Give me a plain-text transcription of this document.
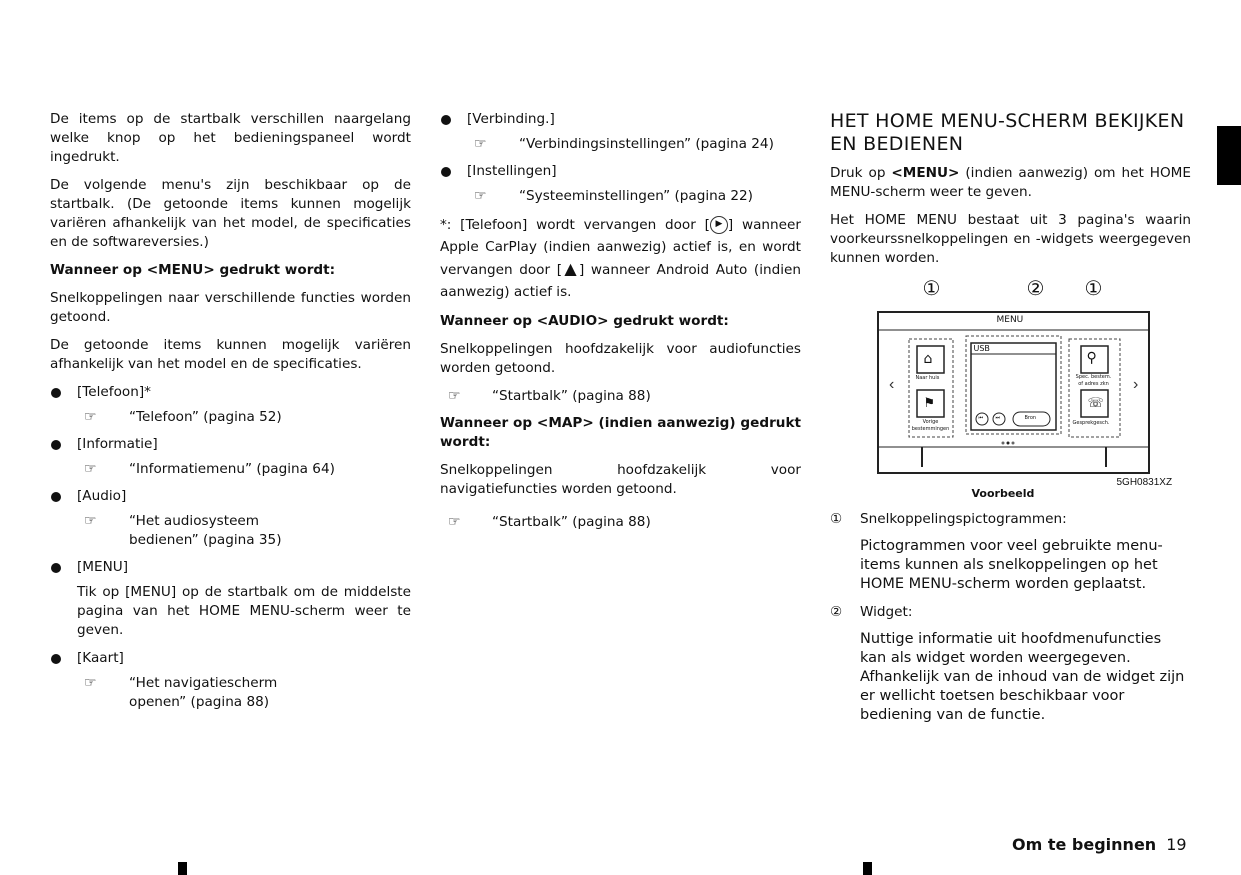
De items op de startbalk verschillen naargelang welke knop op het bedieningspaneel wordt ingedrukt.

De volgende menu's zijn beschikbaar op de startbalk. (De getoonde items kunnen mogelijk variëren afhankelijk van het model, de specificaties en de softwareversies.)

Wanneer op <MENU> gedrukt wordt:

Snelkoppelingen naar verschillende functies worden getoond.

De getoonde items kunnen mogelijk variëren afhankelijk van het model en de specificaties.

[Telefoon]*
☞ “Telefoon” (pagina 52)
[Informatie]
☞ “Informatiemenu” (pagina 64)
[Audio]
☞ “Het audiosysteem bedienen” (pagina 35)
[MENU]

Tik op [MENU] op de startbalk om de middelste pagina van het HOME MENU-scherm weer te geven.

[Kaart]
☞ “Het navigatiescherm openen” (pagina 88)
[Verbinding.]
☞ “Verbindingsinstellingen” (pagina 24)
[Instellingen]
☞ “Systeeminstellingen” (pagina 22)

*: [Telefoon] wordt vervangen door [ ▶ ] wanneer Apple CarPlay (indien aanwezig) actief is, en wordt vervangen door [▲] wanneer Android Auto (indien aanwezig) actief is.

Wanneer op <AUDIO> gedrukt wordt:

Snelkoppelingen hoofdzakelijk voor audiofuncties worden getoond.

☞ “Startbalk” (pagina 88)

Wanneer op <MAP> (indien aanwezig) gedrukt wordt:

Snelkoppelingen hoofdzakelijk voor navigatiefuncties worden getoond.

☞ “Startbalk” (pagina 88)
HET HOME MENU-SCHERM BEKIJKEN EN BEDIENEN

Druk op <MENU> (indien aanwezig) om het HOME MENU-scherm weer te geven.

Het HOME MENU bestaat uit 3 pagina's waarin voorkeurssnelkoppelingen en -widgets weergegeven kunnen worden.

‹	›
①	② ①
MENU
USB
Bron
⌂
⚑
⚲
☏
⏮ ⏭
Naar huis
Vorige bestemmingen
Spec. bestem. of adres zkn
Gesprekgesch.
5GH0831XZ
Voorbeeld
① Snelkoppelingspictogrammen:

Pictogrammen voor veel gebruikte menu-items kunnen als snelkoppelingen op het HOME MENU-scherm worden geplaatst.

② Widget:

Nuttige informatie uit hoofdmenufuncties kan als widget worden weergegeven. Afhankelijk van de inhoud van de widget zijn er wellicht toetsen beschikbaar voor bediening van de functie.

Om te beginnen 19
